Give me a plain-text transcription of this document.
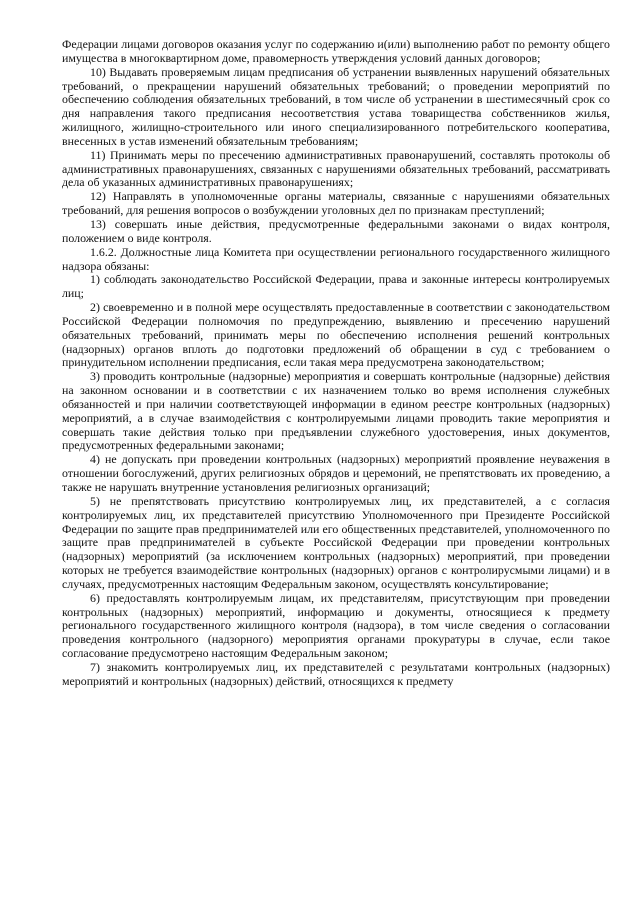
Федерации лицами договоров оказания услуг по содержанию и(или) выполнению работ по ремонту общего имущества в многоквартирном доме, правомерность утверждения условий данных договоров;

10) Выдавать проверяемым лицам предписания об устранении выявленных нарушений обязательных требований, о прекращении нарушений обязательных требований; о проведении мероприятий по обеспечению соблюдения обязательных требований, в том числе об устранении в шестимесячный срок со дня направления такого предписания несоответствия устава товарищества собственников жилья, жилищного, жилищно-строительного или иного специализированного потребительского кооператива, внесенных в устав изменений обязательным требованиям;

11) Принимать меры по пресечению административных правонарушений, составлять протоколы об административных правонарушениях, связанных с нарушениями обязательных требований, рассматривать дела об указанных административных правонарушениях;

12) Направлять в уполномоченные органы материалы, связанные с нарушениями обязательных требований, для решения вопросов о возбуждении уголовных дел по признакам преступлений;

13) совершать иные действия, предусмотренные федеральными законами о видах контроля, положением о виде контроля.

1.6.2. Должностные лица Комитета при осуществлении регионального государственного жилищного надзора обязаны:

1) соблюдать законодательство Российской Федерации, права и законные интересы контролируемых лиц;

2) своевременно и в полной мере осуществлять предоставленные в соответствии с законодательством Российской Федерации полномочия по предупреждению, выявлению и пресечению нарушений обязательных требований, принимать меры по обеспечению исполнения решений контрольных (надзорных) органов вплоть до подготовки предложений об обращении в суд с требованием о принудительном исполнении предписания, если такая мера предусмотрена законодательством;

3) проводить контрольные (надзорные) мероприятия и совершать контрольные (надзорные) действия на законном основании и в соответствии с их назначением только во время исполнения служебных обязанностей и при наличии соответствующей информации в едином реестре контрольных (надзорных) мероприятий, а в случае взаимодействия с контролируемыми лицами проводить такие мероприятия и совершать такие действия только при предъявлении служебного удостоверения, иных документов, предусмотренных федеральными законами;

4) не допускать при проведении контрольных (надзорных) мероприятий проявление неуважения в отношении богослужений, других религиозных обрядов и церемоний, не препятствовать их проведению, а также не нарушать внутренние установления религиозных организаций;

5) не препятствовать присутствию контролируемых лиц, их представителей, а с согласия контролируемых лиц, их представителей присутствию Уполномоченного при Президенте Российской Федерации по защите прав предпринимателей или его общественных представителей, уполномоченного по защите прав предпринимателей в субъекте Российской Федерации при проведении контрольных (надзорных) мероприятий (за исключением контрольных (надзорных) мероприятий, при проведении которых не требуется взаимодействие контрольных (надзорных) органов с контролирусмыми лицами) и в случаях, предусмотренных настоящим Федеральным законом, осуществлять консультирование;

6) предоставлять контролируемым лицам, их представителям, присутствующим при проведении контрольных (надзорных) мероприятий, информацию и документы, относящиеся к предмету регионального государственного жилищного контроля (надзора), в том числе сведения о согласовании проведения контрольного (надзорного) мероприятия органами прокуратуры в случае, если такое согласование предусмотрено настоящим Федеральным законом;

7) знакомить контролируемых лиц, их представителей с результатами контрольных (надзорных) мероприятий и контрольных (надзорных) действий, относящихся к предмету
